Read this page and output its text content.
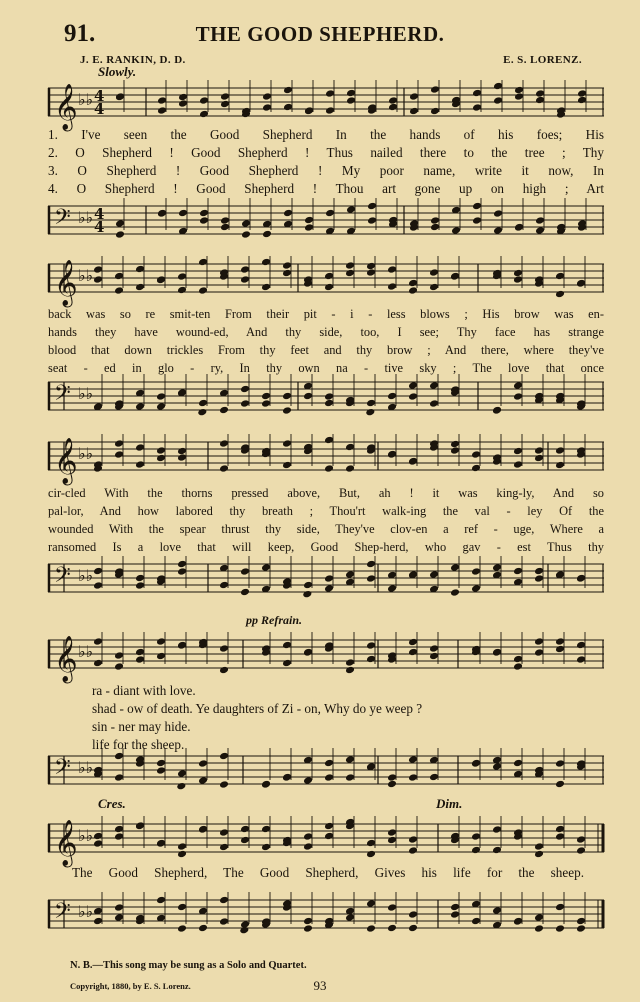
91.	THE GOOD SHEPHERD.
J. E. RANKIN, D. D.	E. S. LORENZ.
Slowly.
𝄞 ♭♭ 4
4
1. I've seen the Good Shepherd In the hands of his foes; His
2. O Shepherd ! Good Shepherd ! Thus nailed there to the tree ; Thy
3. O Shepherd ! Good Shepherd ! My poor name, write it now, In
4. O Shepherd ! Good Shepherd ! Thou art gone up on high ; Art
𝄢 ♭♭ 4
4
𝄞 ♭♭
back was so re smit-ten From their pit - i - less blows ; His brow was en-
hands they have wound-ed, And thy side, too, I see; Thy face has strange
blood that down trickles From thy feet and thy brow ; And there, where they've
seat - ed in glo - ry, In thy own na - tive sky ; The love that once
𝄢 ♭♭
𝄞 ♭♭
cir-cled With the thorns pressed above, But, ah ! it was king-ly, And so
pal-lor, And how labored thy breath ; Thou'rt walk-ing the val - ley Of the
wounded With the spear thrust thy side, They've clov-en a ref - uge, Where a
ransomed Is a love that will keep, Good Shep-herd, who gav - est Thus thy
𝄢 ♭♭
pp Refrain.
𝄞 ♭♭
ra - diant with love.
shad - ow of death. Ye daughters of Zi - on, Why do ye weep ?
sin - ner may hide.
life for the sheep.
𝄢 ♭♭
Cres.	Dim.
𝄞 ♭♭
The Good Shepherd, The Good Shepherd, Gives his life for the sheep.
𝄢 ♭♭
N. B.—This song may be sung as a Solo and Quartet.
Copyright, 1880, by E. S. Lorenz.	93
